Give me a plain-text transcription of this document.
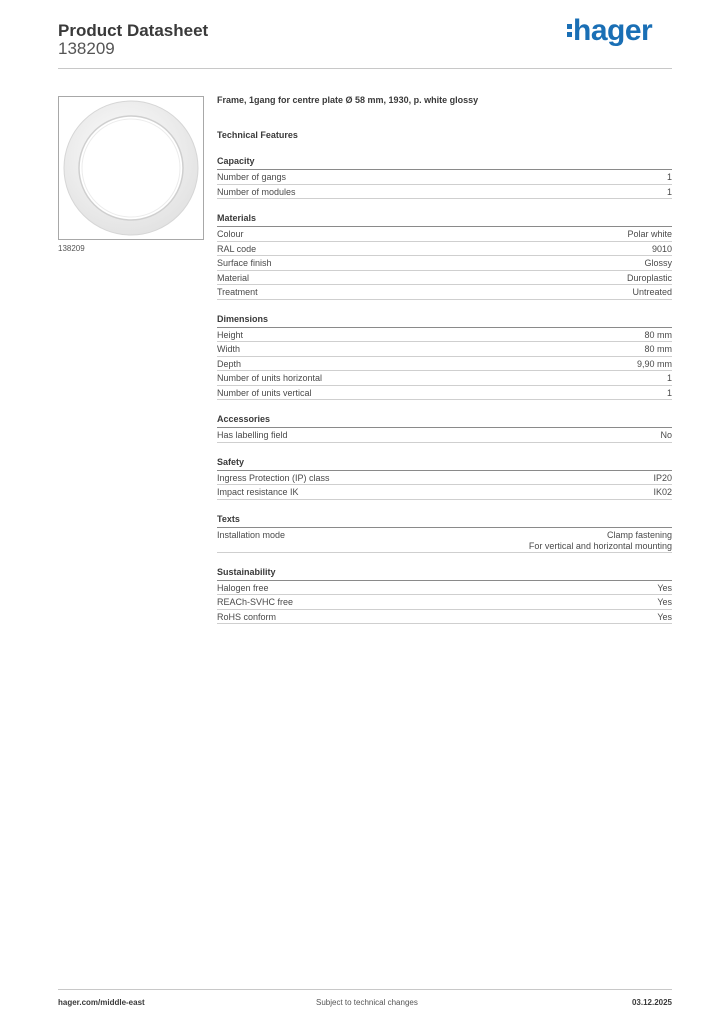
Product Datasheet
138209
hager
138209
Frame, 1gang for centre plate Ø 58 mm, 1930, p. white glossy
Technical Features
Capacity
Number of gangs	1
Number of modules	1
Materials
Colour	Polar white
RAL code	9010
Surface finish	Glossy
Material	Duroplastic
Treatment	Untreated
Dimensions
Height	80 mm
Width	80 mm
Depth	9,90 mm
Number of units horizontal	1
Number of units vertical	1
Accessories
Has labelling field	No
Safety
Ingress Protection (IP) class	IP20
Impact resistance IK	IK02
Texts
Installation mode	Clamp fastening
For vertical and horizontal mounting
Sustainability
Halogen free	Yes
REACh-SVHC free	Yes
RoHS conform	Yes
hager.com/middle-east	Subject to technical changes	03.12.2025
